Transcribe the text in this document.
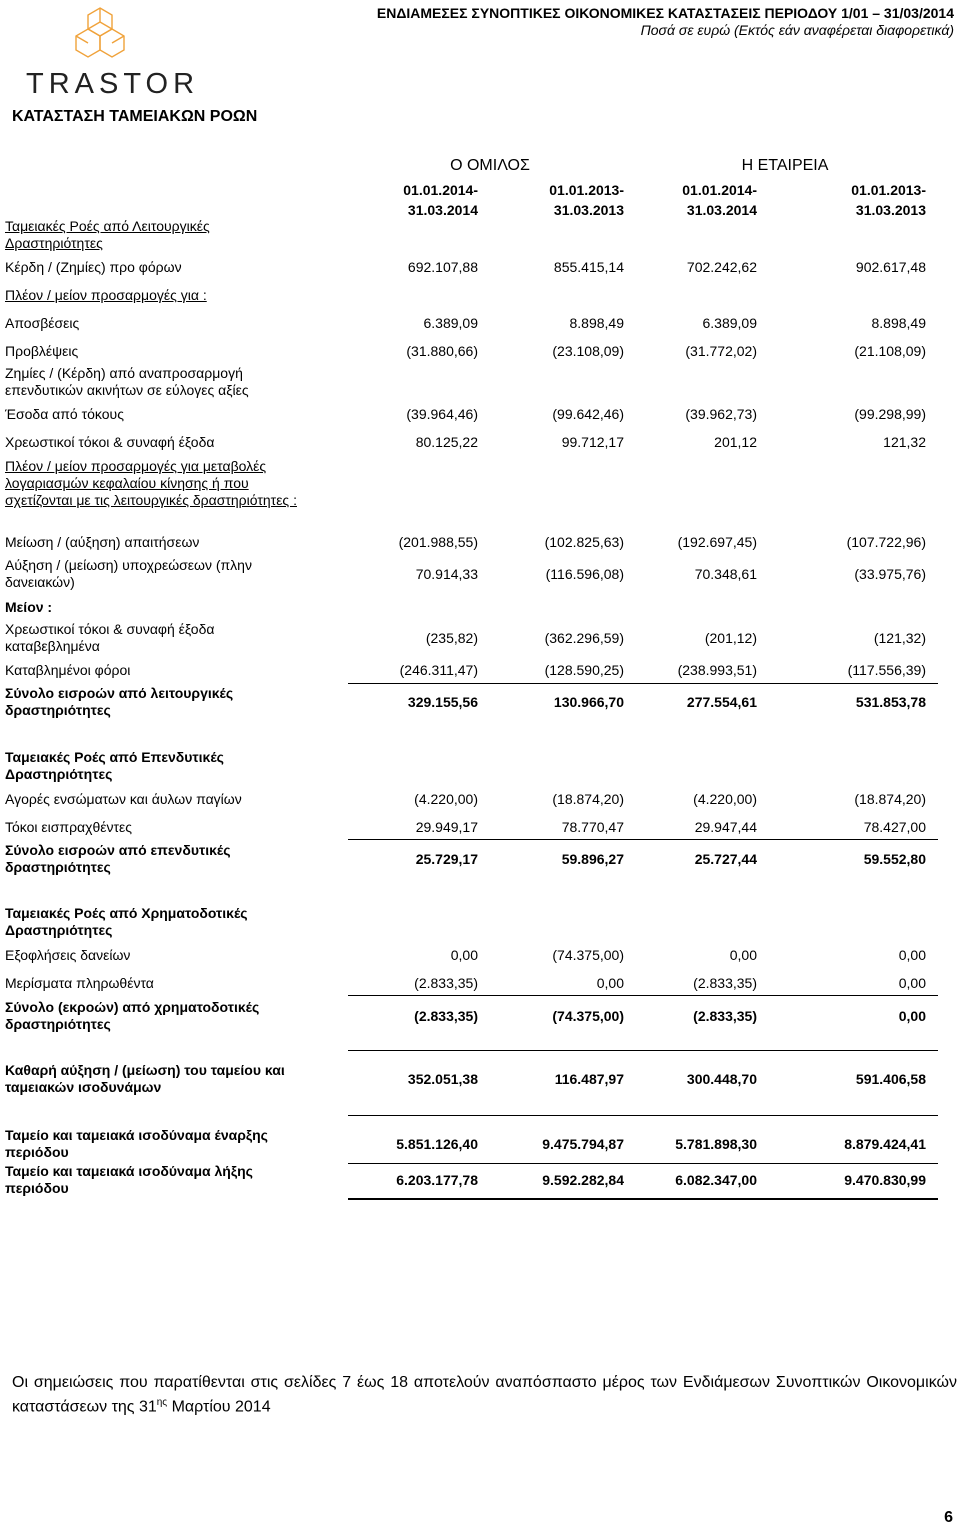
TRASTOR
ΕΝΔΙΑΜΕΣΕΣ ΣΥΝΟΠΤΙΚΕΣ ΟΙΚΟΝΟΜΙΚΕΣ ΚΑΤΑΣΤΑΣΕΙΣ ΠΕΡΙΟΔΟΥ 1/01 – 31/03/2014
Ποσά σε ευρώ (Εκτός εάν αναφέρεται διαφορετικά)
ΚΑΤΑΣΤΑΣΗ ΤΑΜΕΙΑΚΩΝ ΡΟΩΝ
Ο ΟΜΙΛΟΣ	Η ΕΤΑΙΡΕΙΑ
01.01.2014-
31.03.2014
01.01.2013-
31.03.2013
01.01.2014-
31.03.2014
01.01.2013-
31.03.2013
Ταμειακές Ροές από Λειτουργικές Δραστηριότητες
Κέρδη / (Ζημίες) προ φόρων	692.107,88	855.415,14	702.242,62	902.617,48
Πλέον / μείον προσαρμογές για :
Αποσβέσεις	6.389,09	8.898,49	6.389,09	8.898,49
Προβλέψεις	(31.880,66)	(23.108,09)	(31.772,02)	(21.108,09)
Ζημίες / (Κέρδη) από αναπροσαρμογή επενδυτικών ακινήτων σε εύλογες αξίες
Έσοδα από τόκους	(39.964,46)	(99.642,46)	(39.962,73)	(99.298,99)
Χρεωστικοί τόκοι & συναφή έξοδα	80.125,22	99.712,17	201,12	121,32
Πλέον / μείον προσαρμογές για μεταβολές λογαριασμών κεφαλαίου κίνησης ή που σχετίζονται με τις λειτουργικές δραστηριότητες :
Μείωση / (αύξηση) απαιτήσεων	(201.988,55)	(102.825,63)	(192.697,45)	(107.722,96)
Αύξηση / (μείωση) υποχρεώσεων (πλην δανειακών)	70.914,33	(116.596,08)	70.348,61	(33.975,76)
Μείον :
Χρεωστικοί τόκοι & συναφή έξοδα καταβεβλημένα	(235,82)	(362.296,59)	(201,12)	(121,32)
Καταβλημένοι φόροι	(246.311,47)	(128.590,25)	(238.993,51)	(117.556,39)
Σύνολο εισροών από λειτουργικές δραστηριότητες	329.155,56	130.966,70	277.554,61	531.853,78
Ταμειακές Ροές από Επενδυτικές Δραστηριότητες
Αγορές ενσώματων και άυλων παγίων	(4.220,00)	(18.874,20)	(4.220,00)	(18.874,20)
Τόκοι εισπραχθέντες	29.949,17	78.770,47	29.947,44	78.427,00
Σύνολο εισροών από επενδυτικές δραστηριότητες	25.729,17	59.896,27	25.727,44	59.552,80
Ταμειακές Ροές από Χρηματοδοτικές Δραστηριότητες
Εξοφλήσεις δανείων	0,00	(74.375,00)	0,00	0,00
Μερίσματα πληρωθέντα	(2.833,35)	0,00	(2.833,35)	0,00
Σύνολο (εκροών) από χρηματοδοτικές δραστηριότητες	(2.833,35)	(74.375,00)	(2.833,35)	0,00
Καθαρή αύξηση / (μείωση) του ταμείου και ταμειακών ισοδυνάμων	352.051,38	116.487,97	300.448,70	591.406,58
Ταμείο και ταμειακά ισοδύναμα έναρξης περιόδου	5.851.126,40	9.475.794,87	5.781.898,30	8.879.424,41
Ταμείο και ταμειακά ισοδύναμα λήξης περιόδου	6.203.177,78	9.592.282,84	6.082.347,00	9.470.830,99
Οι σημειώσεις που παρατίθενται στις σελίδες 7 έως 18 αποτελούν αναπόσπαστο μέρος των Ενδιάμεσων Συνοπτικών Οικονομικών καταστάσεων της $31^{\eta\varsigma}$ Μαρτίου 2014
6
